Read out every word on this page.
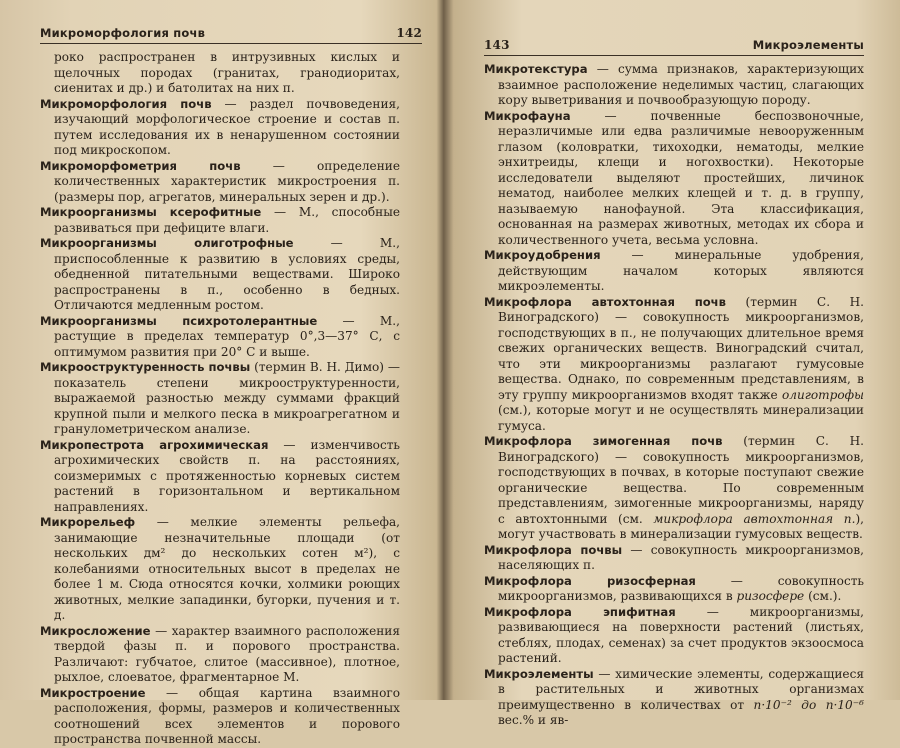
Микроморфология почв	142

роко распространен в интрузивных кислых и щелочных породах (гранитах, гранодиоритах, сиенитах и др.) и батолитах на них п.

Микроморфология почв — раздел почвоведения, изучающий морфологическое строение и состав п. путем исследования их в ненарушенном состоянии под микроскопом.

Микроморфометрия почв — определение количественных характеристик микростроения п. (размеры пор, агрегатов, минеральных зерен и др.).

Микроорганизмы ксерофитные — М., способные развиваться при дефиците влаги.

Микроорганизмы олиготрофные — М., приспособленные к развитию в условиях среды, обедненной питательными веществами. Широко распространены в п., особенно в бедных. Отличаются медленным ростом.

Микроорганизмы психротолерантные — М., растущие в пределах температур 0°,3—37° С, с оптимумом развития при 20° С и выше.

Микрооструктуренность почвы (термин В. Н. Димо) — показатель степени микрооструктуренности, выражаемой разностью между суммами фракций крупной пыли и мелкого песка в микроагрегатном и гранулометрическом анализе.

Микропестрота агрохимическая — изменчивость агрохимических свойств п. на расстояниях, соизмеримых с протяженностью корневых систем растений в горизонтальном и вертикальном направлениях.

Микрорельеф — мелкие элементы рельефа, занимающие незначительные площади (от нескольких дм² до нескольких сотен м²), с колебаниями относительных высот в пределах не более 1 м. Сюда относятся кочки, холмики роющих животных, мелкие западинки, бугорки, пучения и т. д.

Микросложение — характер взаимного расположения твердой фазы п. и порового пространства. Различают: губчатое, слитое (массивное), плотное, рыхлое, слоеватое, фрагментарное М.

Микростроение — общая картина взаимного расположения, формы, размеров и количественных соотношений всех элементов и порового пространства почвенной массы.

143	Микроэлементы

Микротекстура — сумма признаков, характеризующих взаимное расположение неделимых частиц, слагающих кору выветривания и почвообразующую породу.

Микрофауна — почвенные беспозвоночные, неразличимые или едва различимые невооруженным глазом (коловратки, тихоходки, нематоды, мелкие энхитреиды, клещи и ногохвостки). Некоторые исследователи выделяют простейших, личинок нематод, наиболее мелких клещей и т. д. в группу, называемую нанофауной. Эта классификация, основанная на размерах животных, методах их сбора и количественного учета, весьма условна.

Микроудобрения — минеральные удобрения, действующим началом которых являются микроэлементы.

Микрофлора автохтонная почв (термин С. Н. Виноградского) — совокупность микроорганизмов, господствующих в п., не получающих длительное время свежих органических веществ. Виноградский считал, что эти микроорганизмы разлагают гумусовые вещества. Однако, по современным представлениям, в эту группу микроорганизмов входят также олиготрофы (см.), которые могут и не осуществлять минерализации гумуса.

Микрофлора зимогенная почв (термин С. Н. Виноградского) — совокупность микроорганизмов, господствующих в почвах, в которые поступают свежие органические вещества. По современным представлениям, зимогенные микроорганизмы, наряду с автохтонными (см. микрофлора автохтонная п.), могут участвовать в минерализации гумусовых веществ.

Микрофлора почвы — совокупность микроорганизмов, населяющих п.

Микрофлора ризосферная — совокупность микроорганизмов, развивающихся в ризосфере (см.).

Микрофлора эпифитная — микроорганизмы, развивающиеся на поверхности растений (листьях, стеблях, плодах, семенах) за счет продуктов экзоосмоса растений.

Микроэлементы — химические элементы, содержащиеся в растительных и животных организмах преимущественно в количествах от n·10⁻² до n·10⁻⁶ вес.% и яв-
